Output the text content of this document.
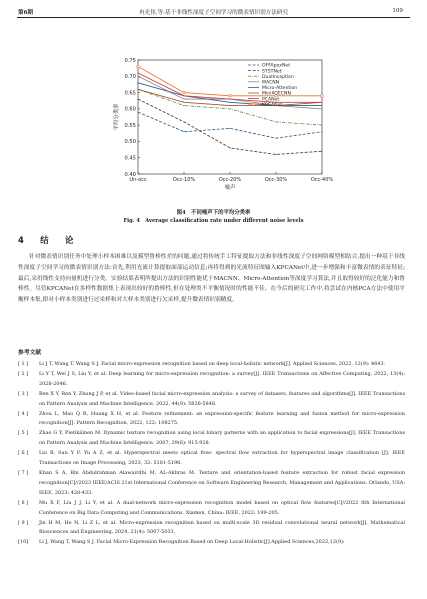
第6期	冉光伟,等:基于非线性深度子空间学习的微表情识别方法研究	109
0.40
0.45
0.50
0.55
0.60
0.65
0.70
0.75
Un-occ	Occ-10%	Occ-20%	Occ-30%	Occ-40%
噪声
平均分类率
OFFApexNet
STSTNet
DualInception
MACNN
Micro-Attention
MiniXOECNN
PCANet
KPCANet
图4　不同噪声下的平均分类率
Fig. 4　Average classification rate under different noise levels
4　结　论
针对微表情识别任务中处理小样本困难以及模型鲁棒性差的问题,通过将传统手工特征提取方法和非线性深度子空间网络模型相结合,提出一种基于非线性深度子空间学习的微表情识别方法:首先,利用光流计算提取面部运动信息;再将得到的光流特征图输入KPCANet中,进一步增强和丰富微表情的表征特征;最后,采用线性支持向量机进行分类。实验结果表明所提出方法的识别性能优于MACNN、Micro-Attention等深度学习算法,并且取得较好的泛化能力和鲁棒性。尽管KPCANet在多样性数据集上表现出较好的鲁棒性,但在处理类不平衡情况时的性能不佳。在今后的研究工作中,将尝试在内核PCA方法中使用平衡样本集,即对小样本类别进行过采样和对大样本类别进行欠采样,提升微表情识别精度。
参考文献
[ 1 ] Li J T, Wang T, Wang S J. Facial micro-expression recognition based on deep local-holistic network[J]. Applied Sciences, 2022, 12(9): 4643.
[ 2 ] Li Y T, Wei J S, Liu Y, et al. Deep learning for micro-expression recognition: a survey[J]. IEEE Transactions on Affective Computing, 2022, 13(4): 2028-2046.
[ 3 ] Ben X Y, Ren Y, Zhang J P, et al. Video-based facial micro-expression analysis: a survey of datasets, features and algorithms[J]. IEEE Transactions on Pattern Analysis and Machine Intelligence, 2022, 44(9): 5826-5846.
[ 4 ] Zhou L, Mao Q R, Huang X H, et al. Feature refinement: an expression-specific feature learning and fusion method for micro-expression recognition[J]. Pattern Recognition, 2022, 122: 108275.
[ 5 ] Zhao G Y, Pietikäinen M. Dynamic texture recognition using local binary patterns with an application to facial expressions[J]. IEEE Transactions on Pattern Analysis and Machine Intelligence, 2007, 29(6): 915-928.
[ 6 ] Liu B, Sun Y F, Yu A Z, et al. Hyperspectral meets optical flow: spectral flow extraction for hyperspectral image classification [J]. IEEE Transactions on Image Processing, 2023, 32: 5181-5196.
[ 7 ] Khan S A, Bin Abdulrahman Alawairdhi M, AL-Akhras M. Texture and orientation-based feature extraction for robust facial expression recognition[C]//2023 IEEE/ACIS 21st International Conference on Software Engineering Research, Management and Applications. Orlando, USA: IEEE, 2023: 428-433.
[ 8 ] Mu X F, Liu J J, Li Y, et al. A dual-network micro-expression recognition model based on optical flow features[C]//2022 8th International Conference on Big Data Computing and Communications. Xiamen, China: IEEE, 2022: 199-205.
[ 9 ] Jin H M, He N, Li Z L, et al. Micro-expression recognition based on multi-scale 3D residual convolutional neural network[J]. Mathematical Biosciences and Engineering, 2024, 21(4): 5007-5031.
[10] Li J, Wang T, Wang S J. Facial Micro-Expression Recognition Based on Deep Local-Holistic[J].Applied Sciences,2022,12(9):
